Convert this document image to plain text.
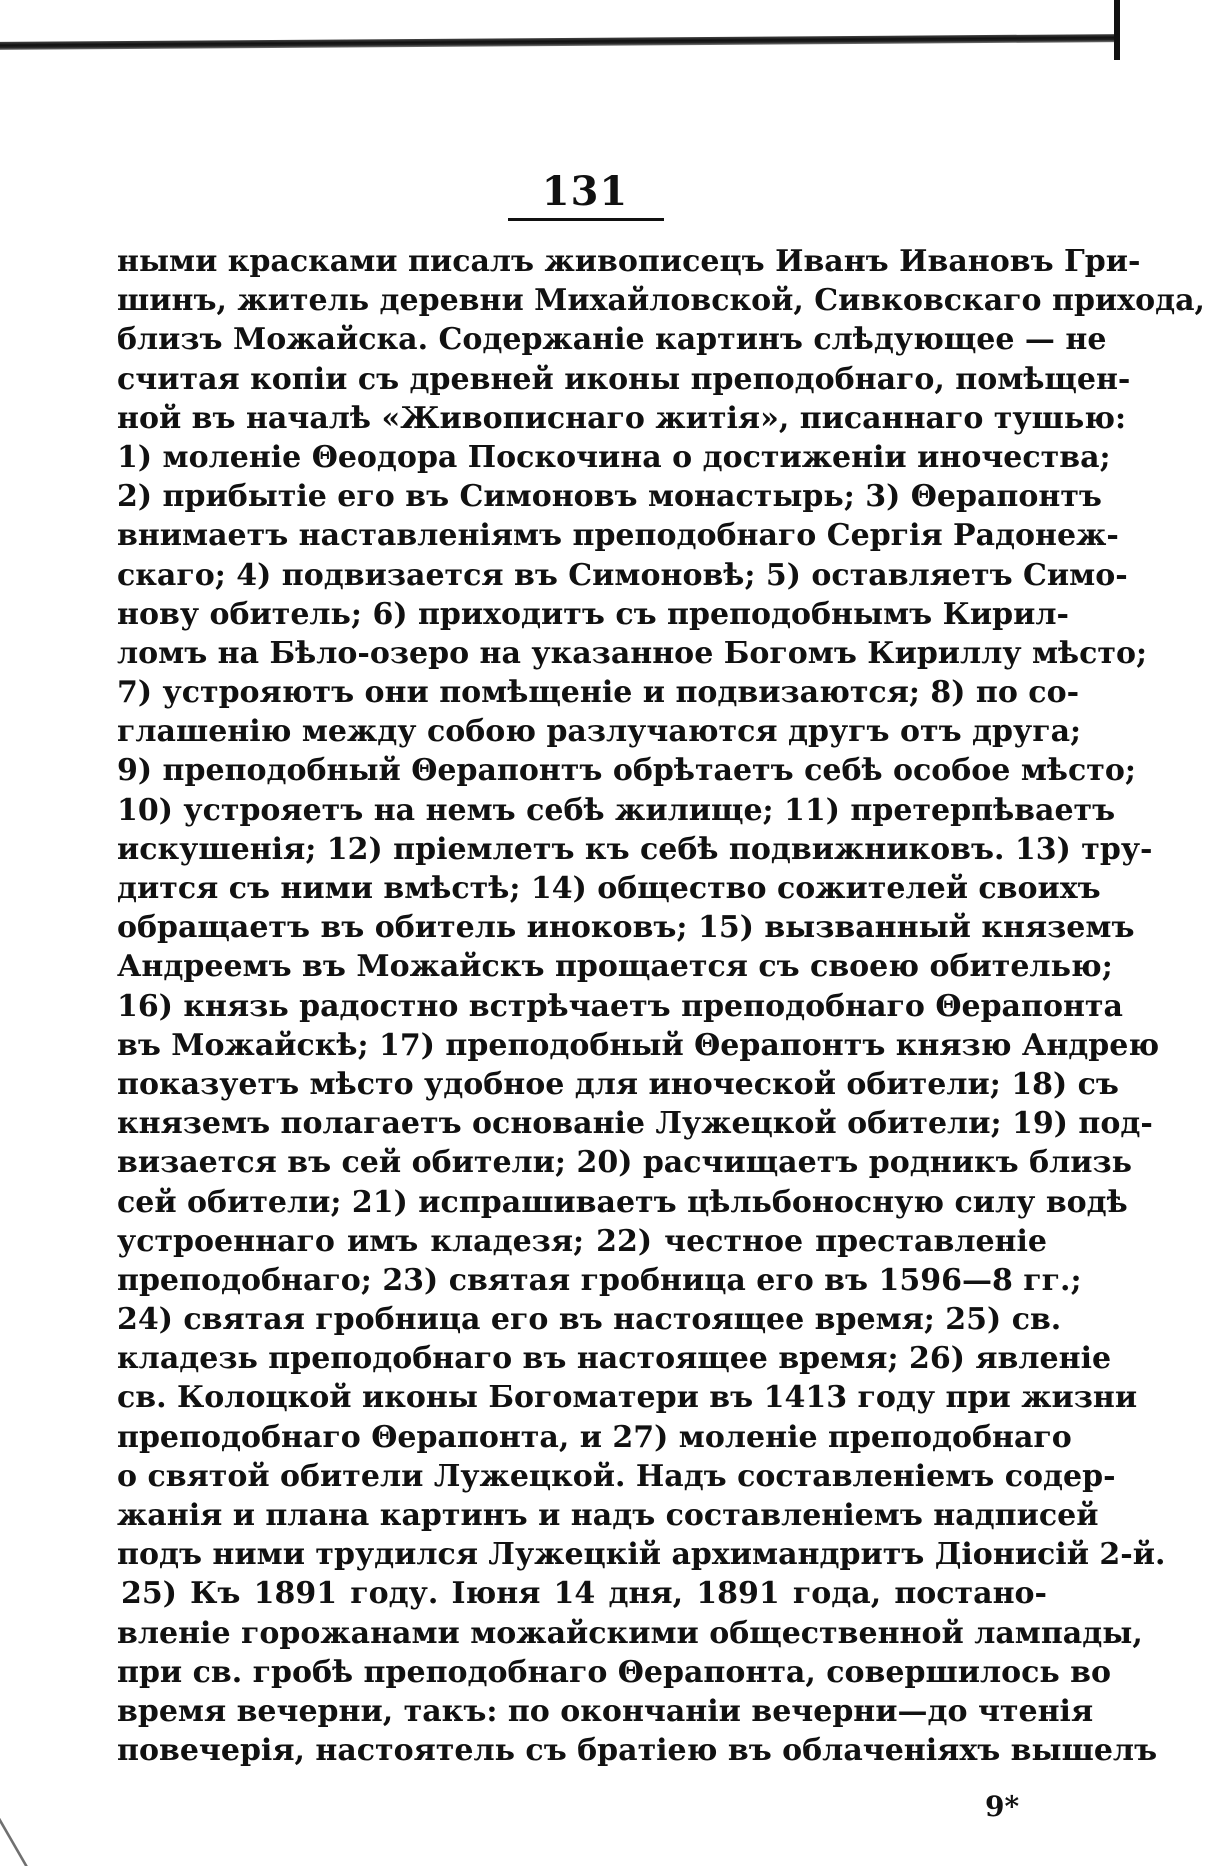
131
ными красками писалъ живописецъ Иванъ Ивановъ Гри-
шинъ, житель деревни Михайловской, Сивковскаго прихода,
близъ Можайска. Содержаніе картинъ слѣдующее — не
считая копіи съ древней иконы преподобнаго, помѣщен-
ной въ началѣ «Живописнаго житія», писаннаго тушью:
1) моленіе Θеодора Поскочина о достиженіи иночества;
2) прибытіе его въ Симоновъ монастырь; 3) Θерапонтъ
внимаетъ наставленіямъ преподобнаго Сергія Радонеж-
скаго; 4) подвизается въ Симоновѣ; 5) оставляетъ Симо-
нову обитель; 6) приходитъ съ преподобнымъ Кирил-
ломъ на Бѣло-озеро на указанное Богомъ Кириллу мѣсто;
7) устрояютъ они помѣщеніе и подвизаются; 8) по со-
глашенію между собою разлучаются другъ отъ друга;
9) преподобный Θерапонтъ обрѣтаетъ себѣ особое мѣсто;
10) устрояетъ на немъ себѣ жилище; 11) претерпѣваетъ
искушенія; 12) пріемлетъ къ себѣ подвижниковъ. 13) тру-
дится съ ними вмѣстѣ; 14) общество сожителей своихъ
обращаетъ въ обитель иноковъ; 15) вызванный княземъ
Андреемъ въ Можайскъ прощается съ своею обителью;
16) князь радостно встрѣчаетъ преподобнаго Θерапонта
въ Можайскѣ; 17) преподобный Θерапонтъ князю Андрею
показуетъ мѣсто удобное для иноческой обители; 18) съ
княземъ полагаетъ основаніе Лужецкой обители; 19) под-
визается въ сей обители; 20) расчищаетъ родникъ близь
сей обители; 21) испрашиваетъ цѣльбоносную силу водѣ
устроеннаго имъ кладезя; 22) честное преставленіе
преподобнаго; 23) святая гробница его въ 1596—8 гг.;
24) святая гробница его въ настоящее время; 25) св.
кладезь преподобнаго въ настоящее время; 26) явленіе
св. Колоцкой иконы Богоматери въ 1413 году при жизни
преподобнаго Θерапонта, и 27) моленіе преподобнаго
о святой обители Лужецкой. Надъ составленіемъ содер-
жанія и плана картинъ и надъ составленіемъ надписей
подъ ними трудился Лужецкій архимандритъ Діонисій 2-й.
25) Къ 1891 году. Іюня 14 дня, 1891 года, постано-
вленіе горожанами можайскими общественной лампады,
при св. гробѣ преподобнаго Θерапонта, совершилось во
время вечерни, такъ: по окончаніи вечерни—до чтенія
повечерія, настоятель съ братіею въ облаченіяхъ вышелъ
9*
